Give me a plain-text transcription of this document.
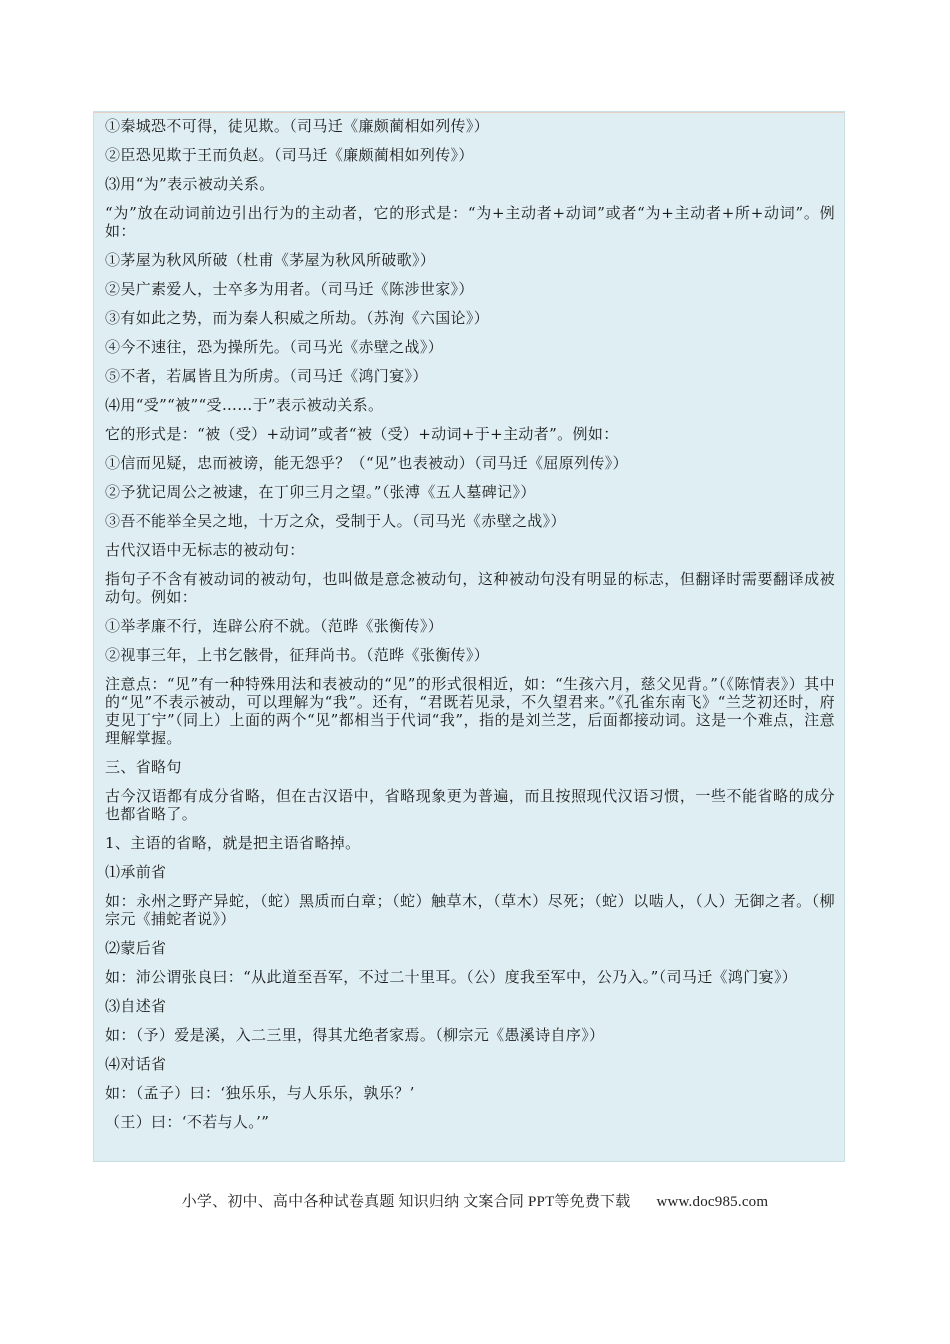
①秦城恐不可得，徒见欺。（司马迁《廉颇蔺相如列传》）

②臣恐见欺于王而负赵。（司马迁《廉颇蔺相如列传》）

⑶用“为”表示被动关系。

“为”放在动词前边引出行为的主动者，它的形式是：“为+主动者+动词”或者“为+主动者+所+动词”。例如：

①茅屋为秋风所破（杜甫《茅屋为秋风所破歌》）

②吴广素爱人，士卒多为用者。（司马迁《陈涉世家》）

③有如此之势，而为秦人积威之所劫。（苏洵《六国论》）

④今不速往，恐为操所先。（司马光《赤壁之战》）

⑤不者，若属皆且为所虏。（司马迁《鸿门宴》）

⑷用“受”“被”“受……于”表示被动关系。

它的形式是：“被（受）+动词”或者“被（受）+动词+于+主动者”。例如：

①信而见疑，忠而被谤，能无怨乎？（“见”也表被动）（司马迁《屈原列传》）

②予犹记周公之被逮，在丁卯三月之望。”（张溥《五人墓碑记》）

③吾不能举全吴之地，十万之众，受制于人。（司马光《赤壁之战》）

古代汉语中无标志的被动句：

指句子不含有被动词的被动句，也叫做是意念被动句，这种被动句没有明显的标志，但翻译时需要翻译成被动句。例如：

①举孝廉不行，连辟公府不就。（范晔《张衡传》）

②视事三年，上书乞骸骨，征拜尚书。（范晔《张衡传》）

注意点：“见”有一种特殊用法和表被动的“见”的形式很相近，如：“生孩六月，慈父见背。”（《陈情表》）其中的“见”不表示被动，可以理解为“我”。还有，“君既若见录，不久望君来。”《孔雀东南飞》“兰芝初还时，府吏见丁宁”（同上）上面的两个“见”都相当于代词“我”，指的是刘兰芝，后面都接动词。这是一个难点，注意理解掌握。

三、省略句

古今汉语都有成分省略，但在古汉语中，省略现象更为普遍，而且按照现代汉语习惯，一些不能省略的成分也都省略了。

1、主语的省略，就是把主语省略掉。

⑴承前省

如：永州之野产异蛇，（蛇）黑质而白章；（蛇）触草木，（草木）尽死；（蛇）以啮人，（人）无御之者。（柳宗元《捕蛇者说》）

⑵蒙后省

如：沛公谓张良曰：“从此道至吾军，不过二十里耳。（公）度我至军中，公乃入。”（司马迁《鸿门宴》）

⑶自述省

如：（予）爱是溪，入二三里，得其尤绝者家焉。（柳宗元《愚溪诗自序》）

⑷对话省

如：（孟子）曰：‘独乐乐，与人乐乐，孰乐？’

（王）曰：‘不若与人。’”

小学、初中、高中各种试卷真题 知识归纳 文案合同 PPT等免费下载 www.doc985.com
